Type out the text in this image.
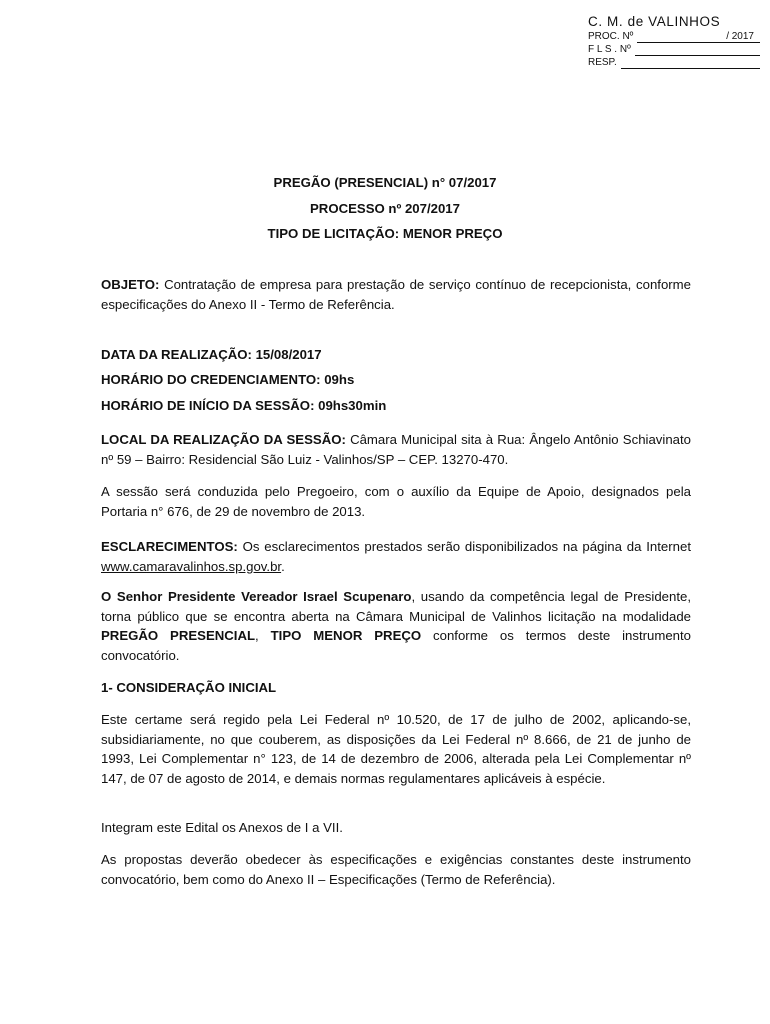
C. M. de VALINHOS
PROC. Nº	/ 2017
F L S . Nº
RESP.
PREGÃO (PRESENCIAL) n° 07/2017
PROCESSO nº 207/2017
TIPO DE LICITAÇÃO: MENOR PREÇO
OBJETO: Contratação de empresa para prestação de serviço contínuo de recepcionista, conforme especificações do Anexo II - Termo de Referência.
DATA DA REALIZAÇÃO: 15/08/2017
HORÁRIO DO CREDENCIAMENTO: 09hs
HORÁRIO DE INÍCIO DA SESSÃO: 09hs30min
LOCAL DA REALIZAÇÃO DA SESSÃO: Câmara Municipal sita à Rua: Ângelo Antônio Schiavinato nº 59 – Bairro: Residencial São Luiz - Valinhos/SP – CEP. 13270-470.
A sessão será conduzida pelo Pregoeiro, com o auxílio da Equipe de Apoio, designados pela Portaria n° 676, de 29 de novembro de 2013.
ESCLARECIMENTOS: Os esclarecimentos prestados serão disponibilizados na página da Internet www.camaravalinhos.sp.gov.br.
O Senhor Presidente Vereador Israel Scupenaro, usando da competência legal de Presidente, torna público que se encontra aberta na Câmara Municipal de Valinhos licitação na modalidade PREGÃO PRESENCIAL, TIPO MENOR PREÇO conforme os termos deste instrumento convocatório.
1- CONSIDERAÇÃO INICIAL
Este certame será regido pela Lei Federal nº 10.520, de 17 de julho de 2002, aplicando-se, subsidiariamente, no que couberem, as disposições da Lei Federal nº 8.666, de 21 de junho de 1993, Lei Complementar n° 123, de 14 de dezembro de 2006, alterada pela Lei Complementar nº 147, de 07 de agosto de 2014, e demais normas regulamentares aplicáveis à espécie.
Integram este Edital os Anexos de I a VII.
As propostas deverão obedecer às especificações e exigências constantes deste instrumento convocatório, bem como do Anexo II – Especificações (Termo de Referência).
